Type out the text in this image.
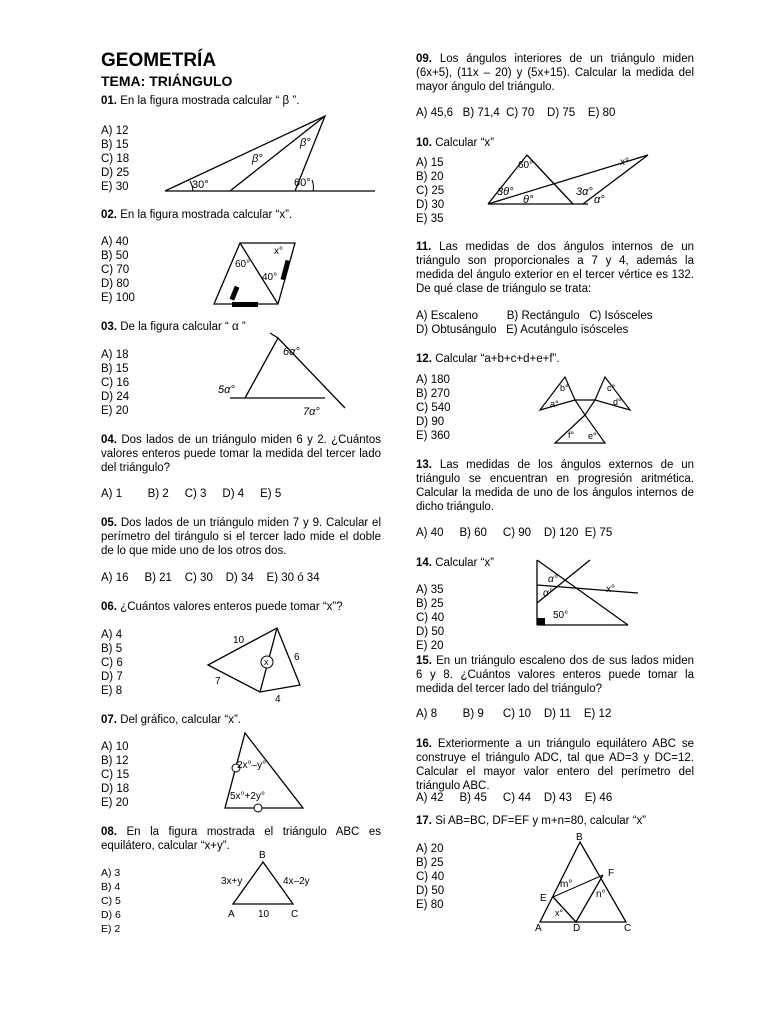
GEOMETRÍA
TEMA: TRIÁNGULO
01. En la figura mostrada calcular “ β ”.
A) 12
B) 15
C) 18
D) 25
E) 30	30°
β°
β°
60°
02. En la figura mostrada calcular “x”.
A) 40
B) 50
C) 70
D) 80
E) 100
x°
60°
40°
03. De la figura calcular “ α ”
A) 18
B) 15
C) 16
D) 24
E) 20
6α°
5α°
7α°
04. Dos lados de un triángulo miden 6 y 2. ¿Cuántos valores enteros puede tomar la medida del tercer lado del triángulo?
A) 1        B) 2     C) 3     D) 4     E) 5
05. Dos lados de un triángulo miden 7 y 9. Calcular el perímetro del tirángulo si el tercer lado mide el doble de lo que mide uno de los otros dos.
A) 16     B) 21    C) 30    D) 34    E) 30 ó 34
06. ¿Cuántos valores enteros puede tomar “x”?
A) 4
B) 5
C) 6
D) 7
E) 8
10
x	6
7
4
07. Del gráfico, calcular “x”.
A) 10
B) 12
C) 15
D) 18
E) 20
2x°–y°
5x°+2y°
08. En la figura mostrada el triángulo ABC es equilátero, calcular “x+y”.
A) 3
B) 4
C) 5
D) 6
E) 2
B
A	C
3x+y	4x–2y
10
09. Los ángulos interiores de un triángulo miden (6x+5), (11x – 20) y (5x+15). Calcular la medida del mayor ángulo del triángulo.
A) 45,6   B) 71,4  C) 70    D) 75    E) 80
10. Calcular “x”
A) 15
B) 20
C) 25
D) 30
E) 35
60°	x°
3θ°
θ°
3α°
α°
11. Las medidas de dos ángulos internos de un triángulo son proporcionales a 7 y 4, además la medida del ángulo exterior en el tercer vértice es 132. De qué clase de triángulo se trata:
A) Escaleno         B) Rectángulo   C) Isósceles
D) Obtusángulo   E) Acutángulo isósceles
12. Calcular “a+b+c+d+e+f”.
A) 180
B) 270
C) 540
D) 90
E) 360
a°
b°	c°
d°
e°
f°
13. Las medidas de los ángulos externos de un triángulo se encuentran en progresión aritmética. Calcular la medida de uno de los ángulos internos de dicho triángulo.
A) 40     B) 60     C) 90    D) 120  E) 75
14. Calcular “x”
A) 35
B) 25
C) 40
D) 50
E) 20
α°
α°	x°
50°
15. En un triángulo escaleno dos de sus lados miden 6 y 8. ¿Cuántos valores enteros puede tomar la medida del tercer lado del triángulo?
A) 8        B) 9      C) 10    D) 11    E) 12
16. Exteriormente a un triángulo equilátero ABC se construye el triángulo ADC, tal que AD=3 y DC=12. Calcular el mayor valor entero del perímetro del triángulo ABC.
A) 42     B) 45     C) 44    D) 43    E) 46
17. Si AB=BC, DF=EF y m+n=80, calcular “x”
A) 20
B) 25
C) 40
D) 50
E) 80
B
F
m°
n°
E
x°
A	D	C
